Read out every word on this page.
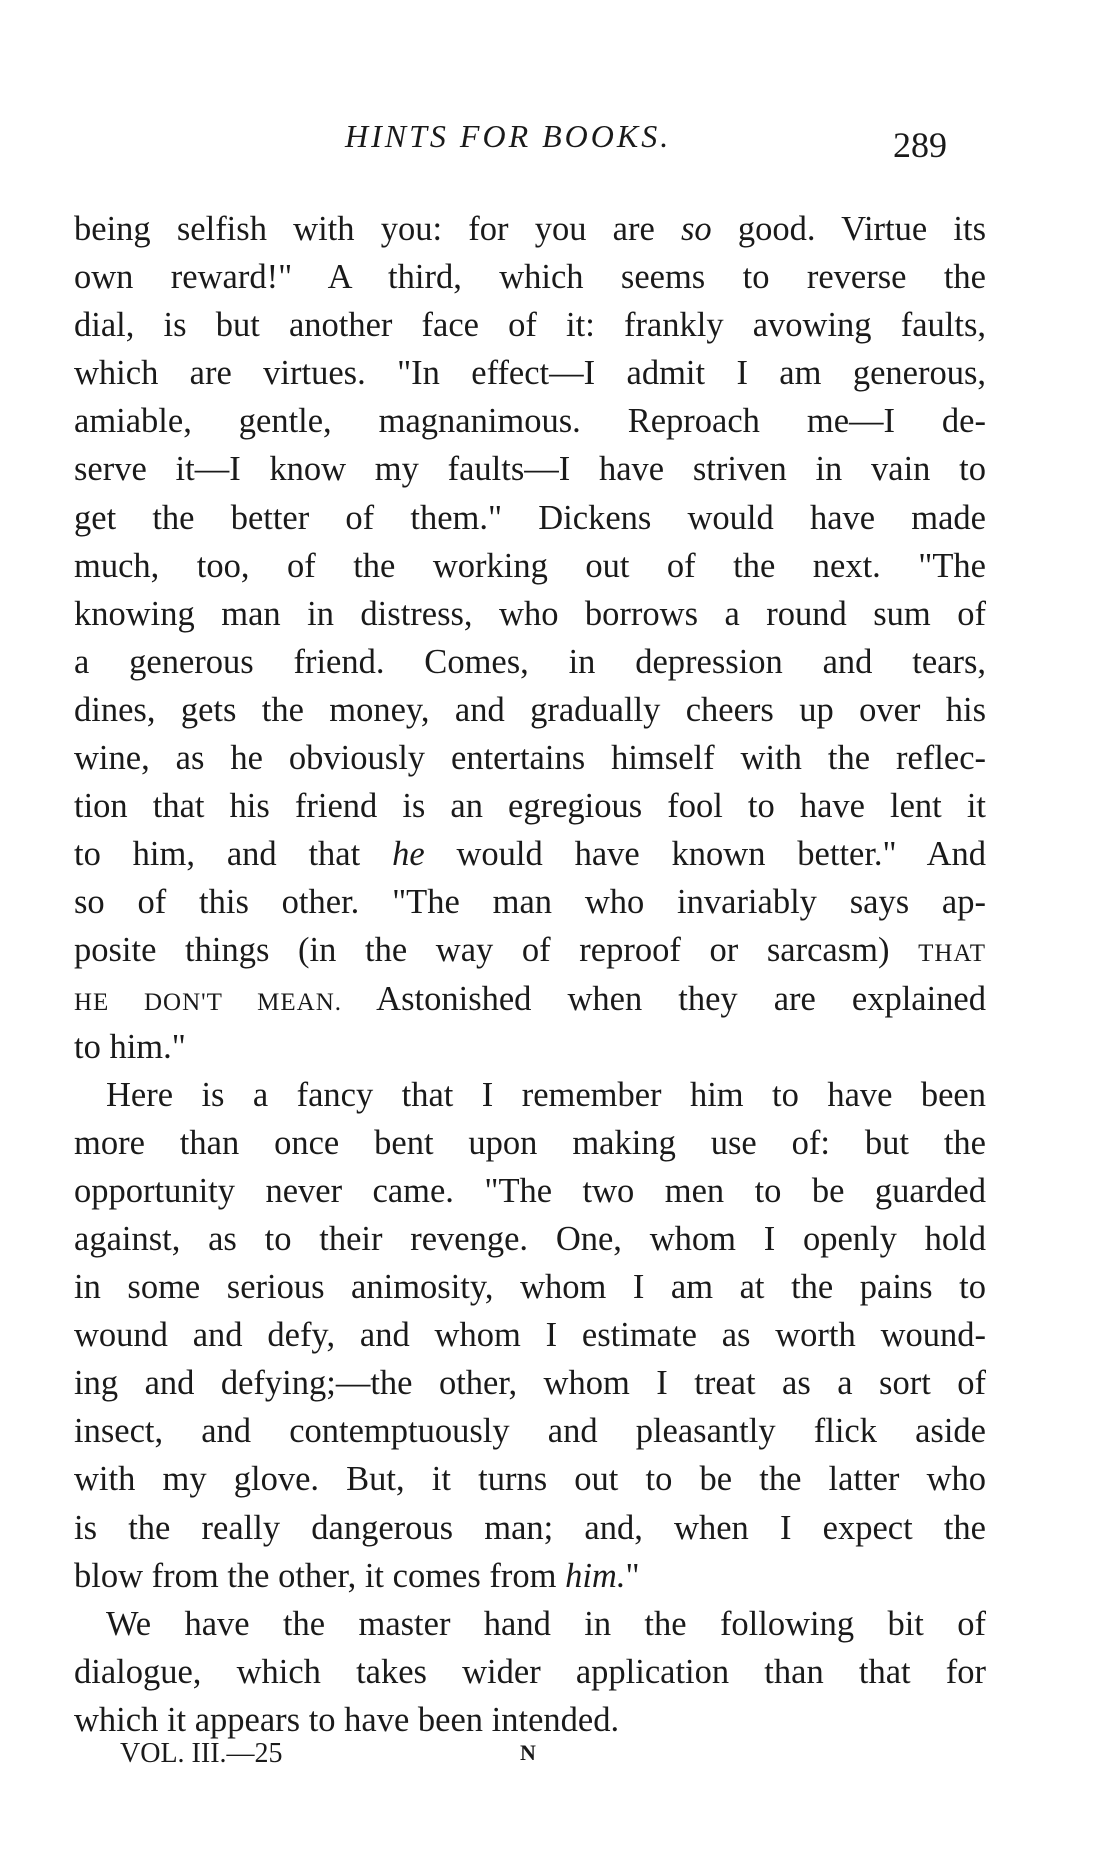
HINTS FOR BOOKS.	289
being selfish with you: for you are so good. Virtue its
own reward!" A third, which seems to reverse the
dial, is but another face of it: frankly avowing faults,
which are virtues. "In effect—I admit I am generous,
amiable, gentle, magnanimous. Reproach me—I de-
serve it—I know my faults—I have striven in vain to
get the better of them." Dickens would have made
much, too, of the working out of the next. "The
knowing man in distress, who borrows a round sum of
a generous friend. Comes, in depression and tears,
dines, gets the money, and gradually cheers up over his
wine, as he obviously entertains himself with the reflec-
tion that his friend is an egregious fool to have lent it
to him, and that he would have known better." And
so of this other. "The man who invariably says ap-
posite things (in the way of reproof or sarcasm) THAT
HE DON'T MEAN. Astonished when they are explained
to him."
Here is a fancy that I remember him to have been
more than once bent upon making use of: but the
opportunity never came. "The two men to be guarded
against, as to their revenge. One, whom I openly hold
in some serious animosity, whom I am at the pains to
wound and defy, and whom I estimate as worth wound-
ing and defying;—the other, whom I treat as a sort of
insect, and contemptuously and pleasantly flick aside
with my glove. But, it turns out to be the latter who
is the really dangerous man; and, when I expect the
blow from the other, it comes from him."
We have the master hand in the following bit of
dialogue, which takes wider application than that for
which it appears to have been intended.
VOL. III.—25	N
